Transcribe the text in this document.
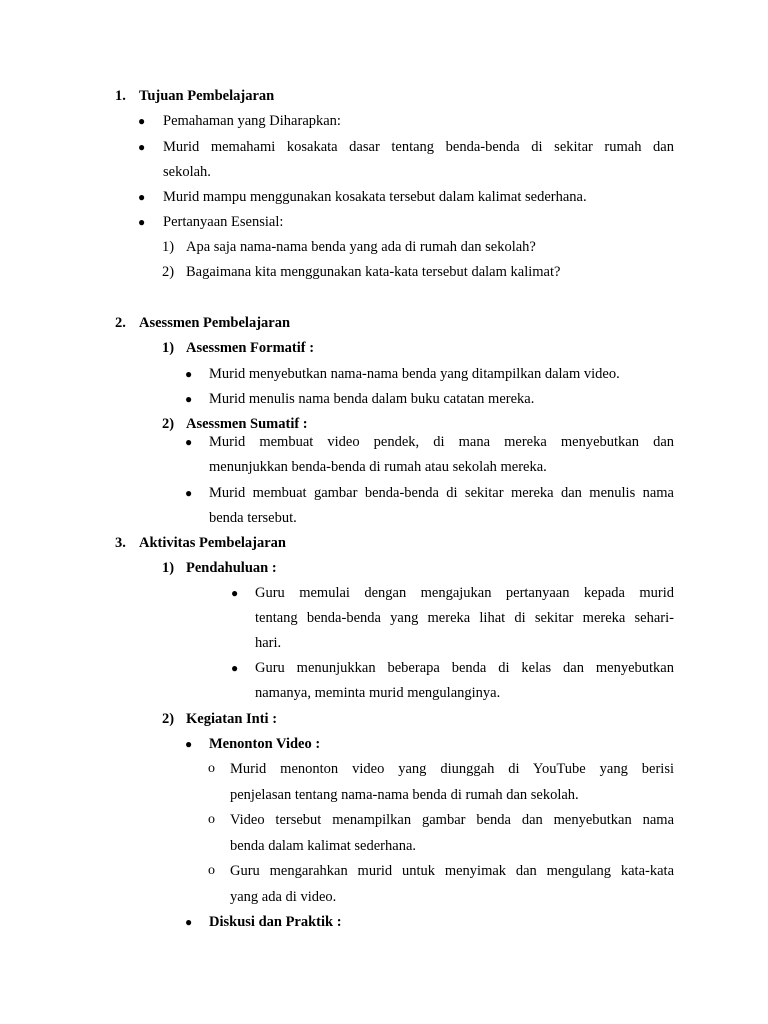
1. Tujuan Pembelajaran
● Pemahaman yang Diharapkan:
● Murid memahami kosakata dasar tentang benda-benda di sekitar rumah dan
sekolah.
● Murid mampu menggunakan kosakata tersebut dalam kalimat sederhana.
● Pertanyaan Esensial:
1) Apa saja nama-nama benda yang ada di rumah dan sekolah?
2) Bagaimana kita menggunakan kata-kata tersebut dalam kalimat?
2. Asessmen Pembelajaran
1) Asessmen Formatif :
● Murid menyebutkan nama-nama benda yang ditampilkan dalam video.
● Murid menulis nama benda dalam buku catatan mereka.
2) Asessmen Sumatif :
● Murid membuat video pendek, di mana mereka menyebutkan dan
menunjukkan benda-benda di rumah atau sekolah mereka.
● Murid membuat gambar benda-benda di sekitar mereka dan menulis nama
benda tersebut.
3. Aktivitas Pembelajaran
1) Pendahuluan :
● Guru memulai dengan mengajukan pertanyaan kepada murid
tentang benda-benda yang mereka lihat di sekitar mereka sehari-
hari.
● Guru menunjukkan beberapa benda di kelas dan menyebutkan
namanya, meminta murid mengulanginya.
2) Kegiatan Inti :
● Menonton Video :
o Murid menonton video yang diunggah di YouTube yang berisi
penjelasan tentang nama-nama benda di rumah dan sekolah.
o Video tersebut menampilkan gambar benda dan menyebutkan nama
benda dalam kalimat sederhana.
o Guru mengarahkan murid untuk menyimak dan mengulang kata-kata
yang ada di video.
● Diskusi dan Praktik :
